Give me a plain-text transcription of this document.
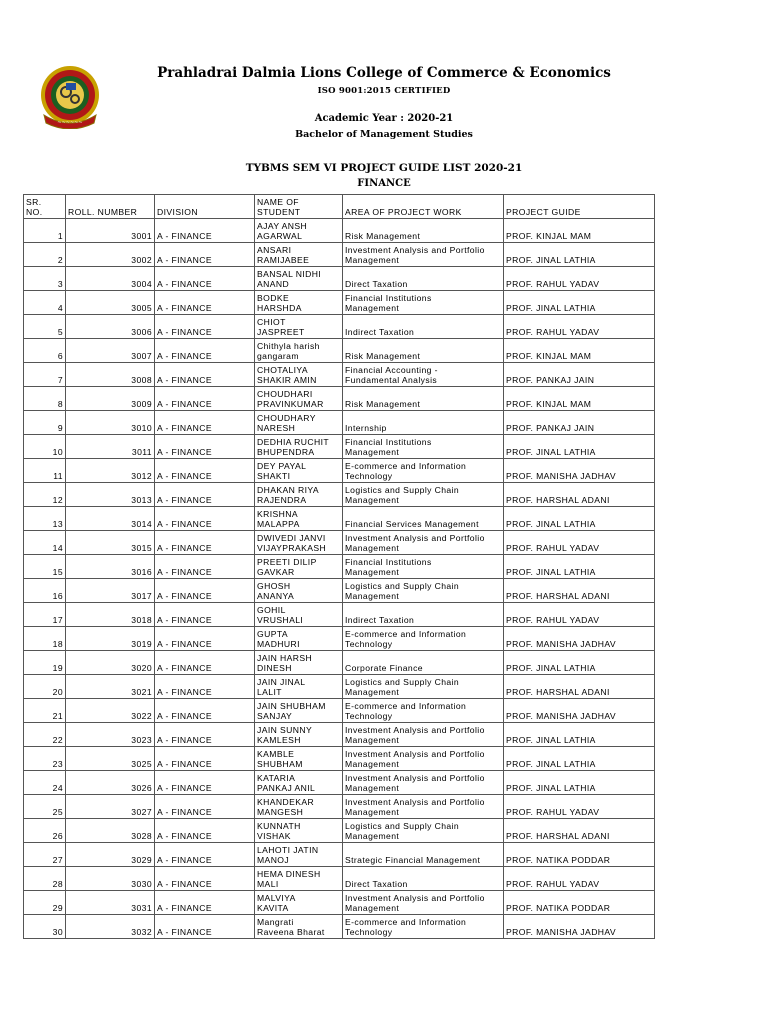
~~~~~~
Prahladrai Dalmia Lions College of Commerce & Economics
ISO 9001:2015 CERTIFIED
Academic Year : 2020-21
Bachelor of Management Studies
TYBMS SEM VI PROJECT GUIDE LIST 2020-21
FINANCE
SR.
NO.	ROLL. NUMBER	DIVISION	NAME OF
STUDENT	AREA OF PROJECT WORK	PROJECT GUIDE
1	3001	A - FINANCE	AJAY ANSH
AGARWAL	Risk Management	PROF. KINJAL MAM
2	3002	A - FINANCE	ANSARI
RAMIJABEE	Investment Analysis and Portfolio
Management	PROF. JINAL LATHIA
3	3004	A - FINANCE	BANSAL NIDHI
ANAND	Direct Taxation	PROF. RAHUL YADAV
4	3005	A - FINANCE	BODKE
HARSHDA	Financial Institutions
Management	PROF. JINAL LATHIA
5	3006	A - FINANCE	CHIOT
JASPREET	Indirect Taxation	PROF. RAHUL YADAV
6	3007	A - FINANCE	Chithyla harish
gangaram	Risk Management	PROF. KINJAL MAM
7	3008	A - FINANCE	CHOTALIYA
SHAKIR AMIN	Financial Accounting -
Fundamental Analysis	PROF. PANKAJ JAIN
8	3009	A - FINANCE	CHOUDHARI
PRAVINKUMAR	Risk Management	PROF. KINJAL MAM
9	3010	A - FINANCE	CHOUDHARY
NARESH	Internship	PROF. PANKAJ JAIN
10	3011	A - FINANCE	DEDHIA RUCHIT
BHUPENDRA	Financial Institutions
Management	PROF. JINAL LATHIA
11	3012	A - FINANCE	DEY PAYAL
SHAKTI	E-commerce and Information
Technology	PROF. MANISHA JADHAV
12	3013	A - FINANCE	DHAKAN RIYA
RAJENDRA	Logistics and Supply Chain
Management	PROF. HARSHAL ADANI
13	3014	A - FINANCE	KRISHNA
MALAPPA	Financial Services Management	PROF. JINAL LATHIA
14	3015	A - FINANCE	DWIVEDI JANVI
VIJAYPRAKASH	Investment Analysis and Portfolio
Management	PROF. RAHUL YADAV
15	3016	A - FINANCE	PREETI DILIP
GAVKAR	Financial Institutions
Management	PROF. JINAL LATHIA
16	3017	A - FINANCE	GHOSH
ANANYA	Logistics and Supply Chain
Management	PROF. HARSHAL ADANI
17	3018	A - FINANCE	GOHIL
VRUSHALI	Indirect Taxation	PROF. RAHUL YADAV
18	3019	A - FINANCE	GUPTA
MADHURI	E-commerce and Information
Technology	PROF. MANISHA JADHAV
19	3020	A - FINANCE	JAIN HARSH
DINESH	Corporate Finance	PROF. JINAL LATHIA
20	3021	A - FINANCE	JAIN JINAL
LALIT	Logistics and Supply Chain
Management	PROF. HARSHAL ADANI
21	3022	A - FINANCE	JAIN SHUBHAM
SANJAY	E-commerce and Information
Technology	PROF. MANISHA JADHAV
22	3023	A - FINANCE	JAIN SUNNY
KAMLESH	Investment Analysis and Portfolio
Management	PROF. JINAL LATHIA
23	3025	A - FINANCE	KAMBLE
SHUBHAM	Investment Analysis and Portfolio
Management	PROF. JINAL LATHIA
24	3026	A - FINANCE	KATARIA
PANKAJ ANIL	Investment Analysis and Portfolio
Management	PROF. JINAL LATHIA
25	3027	A - FINANCE	KHANDEKAR
MANGESH	Investment Analysis and Portfolio
Management	PROF. RAHUL YADAV
26	3028	A - FINANCE	KUNNATH
VISHAK	Logistics and Supply Chain
Management	PROF. HARSHAL ADANI
27	3029	A - FINANCE	LAHOTI JATIN
MANOJ	Strategic Financial Management	PROF. NATIKA PODDAR
28	3030	A - FINANCE	HEMA DINESH
MALI	Direct Taxation	PROF. RAHUL YADAV
29	3031	A - FINANCE	MALVIYA
KAVITA	Investment Analysis and Portfolio
Management	PROF. NATIKA PODDAR
30	3032	A - FINANCE	Mangrati
Raveena Bharat	E-commerce and Information
Technology	PROF. MANISHA JADHAV
